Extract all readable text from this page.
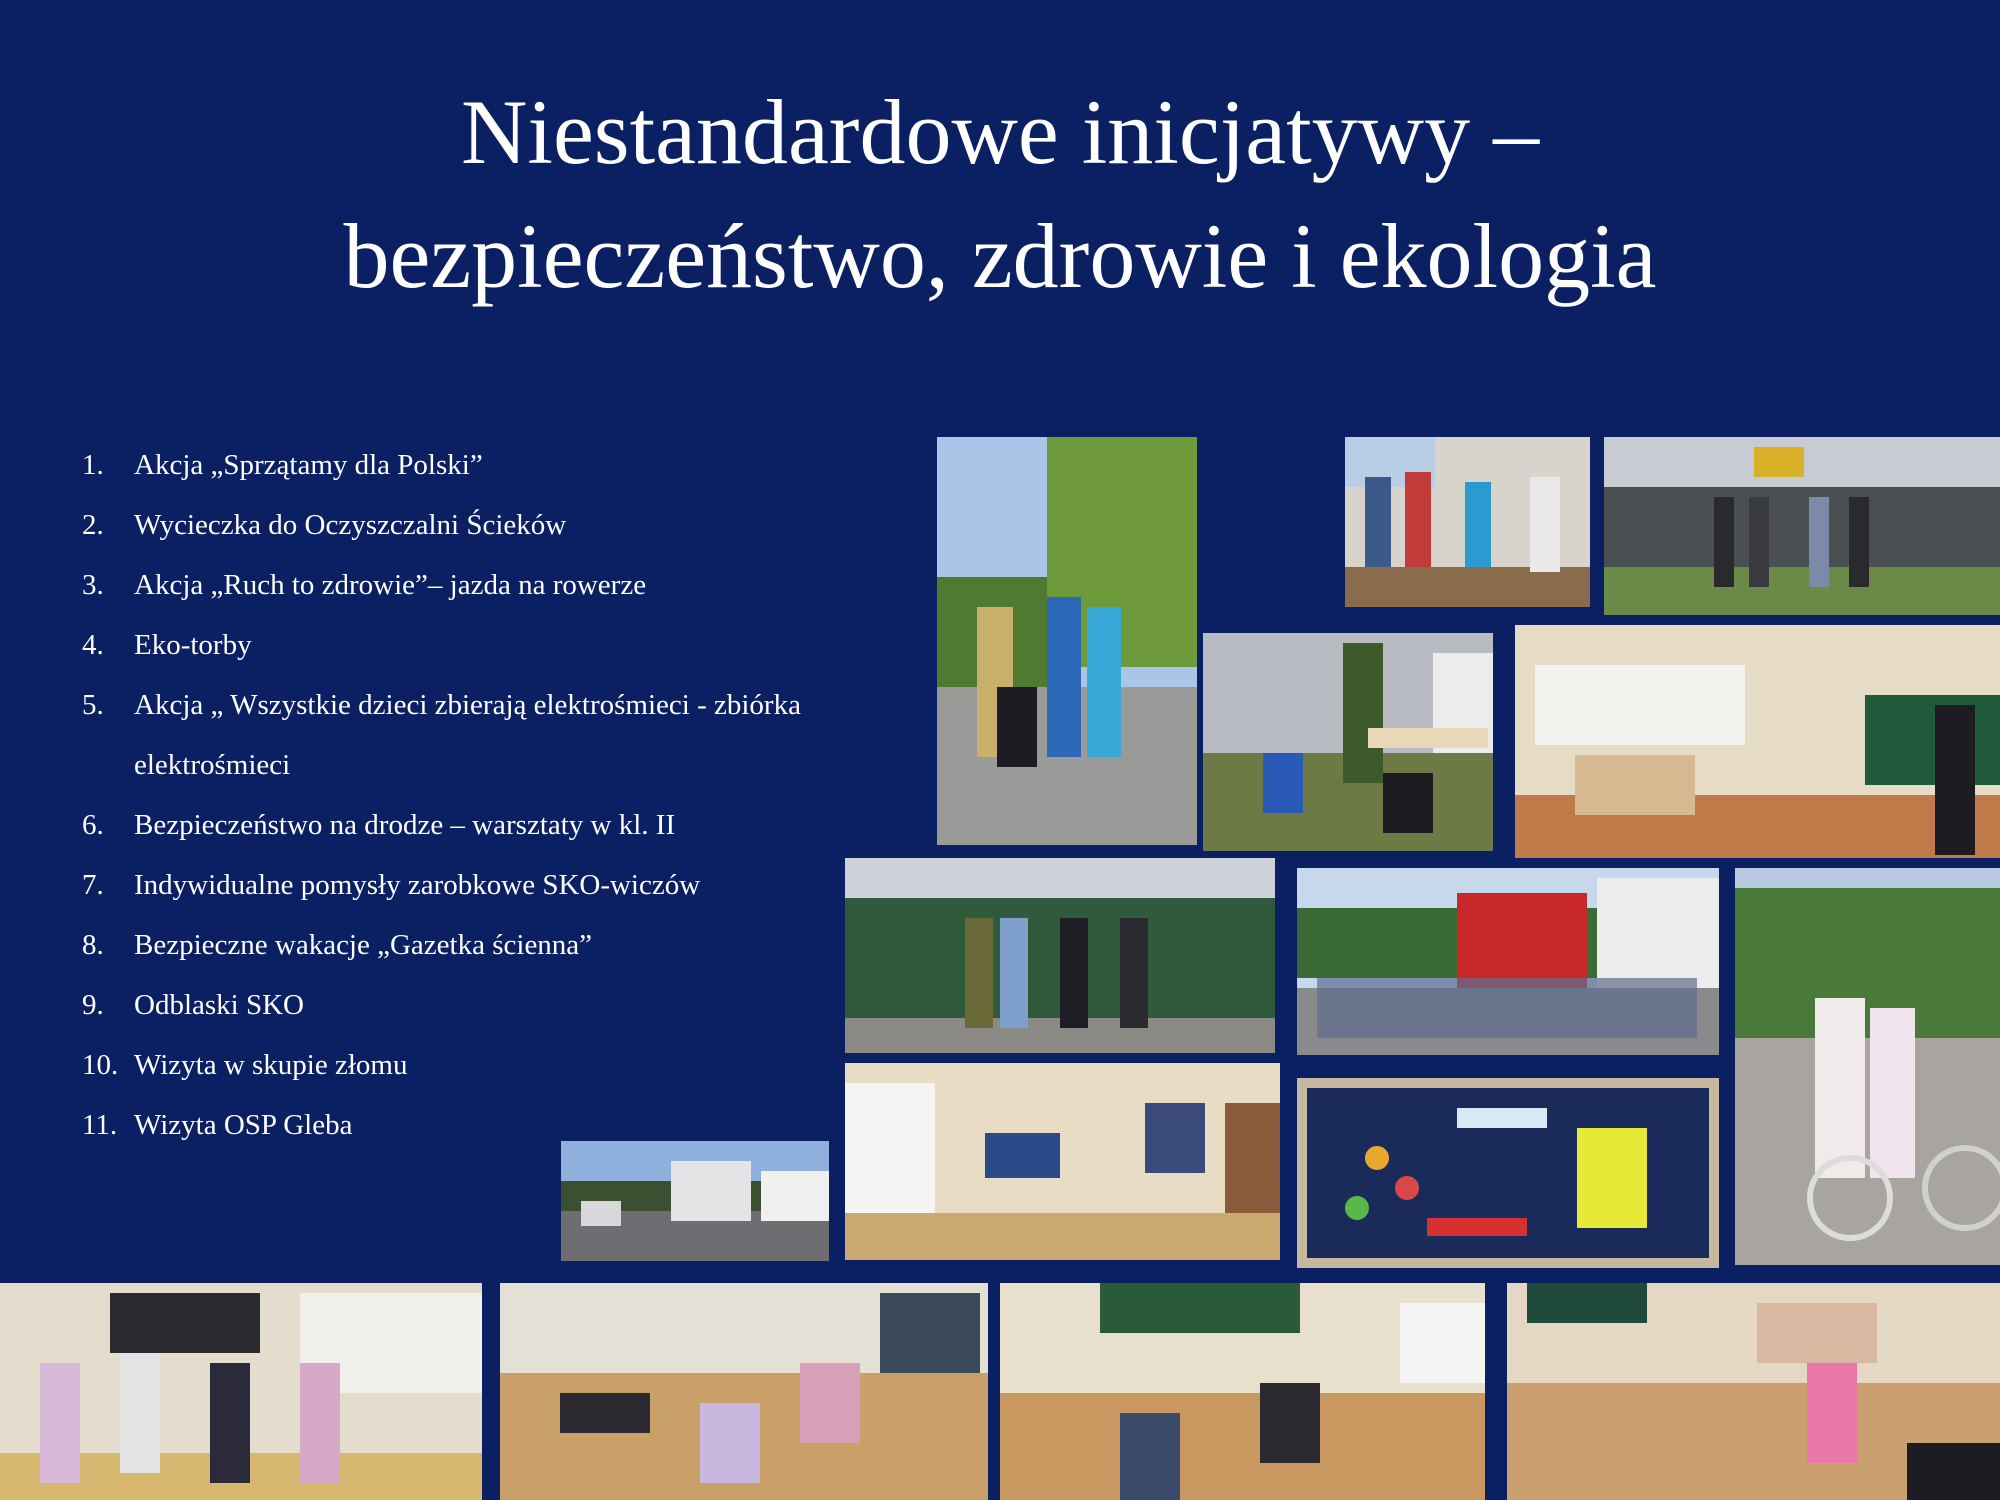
Niestandardowe inicjatywy –
bezpieczeństwo, zdrowie i ekologia
1.	Akcja „Sprzątamy dla Polski”
2.	Wycieczka do Oczyszczalni Ścieków
3.	Akcja „Ruch to zdrowie”– jazda na rowerze
4.	Eko-torby
5.	Akcja „ Wszystkie dzieci zbierają elektrośmieci - zbiórka elektrośmieci
6.	Bezpieczeństwo na drodze – warsztaty w kl. II
7.	Indywidualne pomysły zarobkowe SKO-wiczów
8.	Bezpieczne wakacje „Gazetka ścienna”
9.	Odblaski SKO
10. Wizyta w skupie złomu
11. Wizyta OSP Gleba
